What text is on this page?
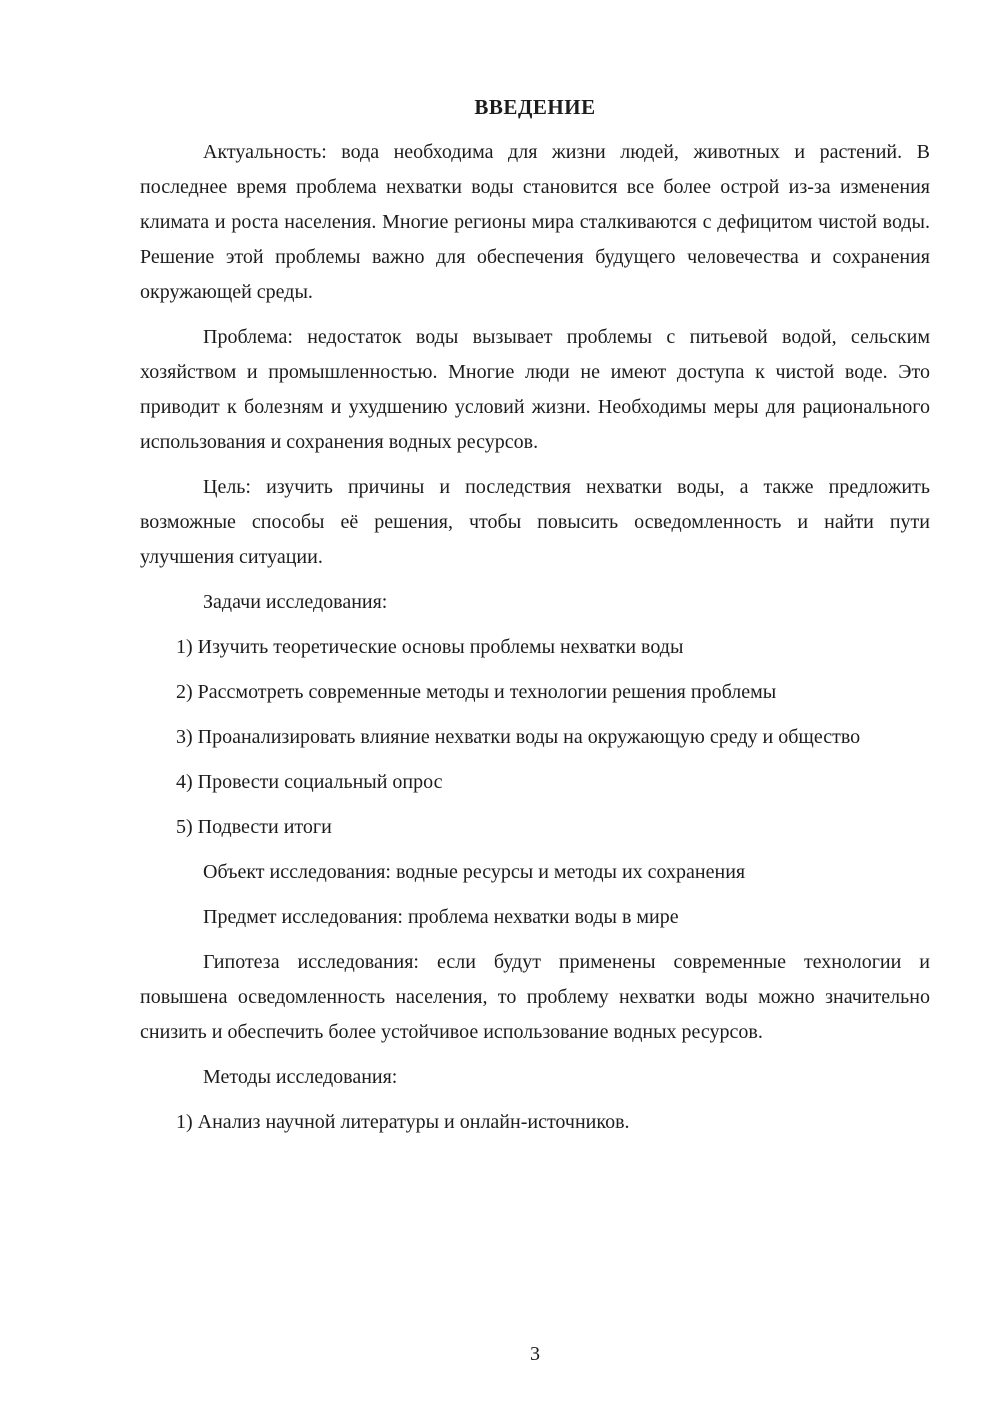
ВВЕДЕНИЕ

Актуальность: вода необходима для жизни людей, животных и растений. В последнее время проблема нехватки воды становится все более острой из-за изменения климата и роста населения. Многие регионы мира сталкиваются с дефицитом чистой воды. Решение этой проблемы важно для обеспечения будущего человечества и сохранения окружающей среды.

Проблема: недостаток воды вызывает проблемы с питьевой водой, сельским хозяйством и промышленностью. Многие люди не имеют доступа к чистой воде. Это приводит к болезням и ухудшению условий жизни. Необходимы меры для рационального использования и сохранения водных ресурсов.

Цель: изучить причины и последствия нехватки воды, а также предложить возможные способы её решения, чтобы повысить осведомленность и найти пути улучшения ситуации.

Задачи исследования:

1) Изучить теоретические основы проблемы нехватки воды

2) Рассмотреть современные методы и технологии решения проблемы

3) Проанализировать влияние нехватки воды на окружающую среду и общество

4) Провести социальный опрос

5) Подвести итоги

Объект исследования: водные ресурсы и методы их сохранения

Предмет исследования: проблема нехватки воды в мире

Гипотеза исследования: если будут применены современные технологии и повышена осведомленность населения, то проблему нехватки воды можно значительно снизить и обеспечить более устойчивое использование водных ресурсов.

Методы исследования:

1) Анализ научной литературы и онлайн-источников.

3
